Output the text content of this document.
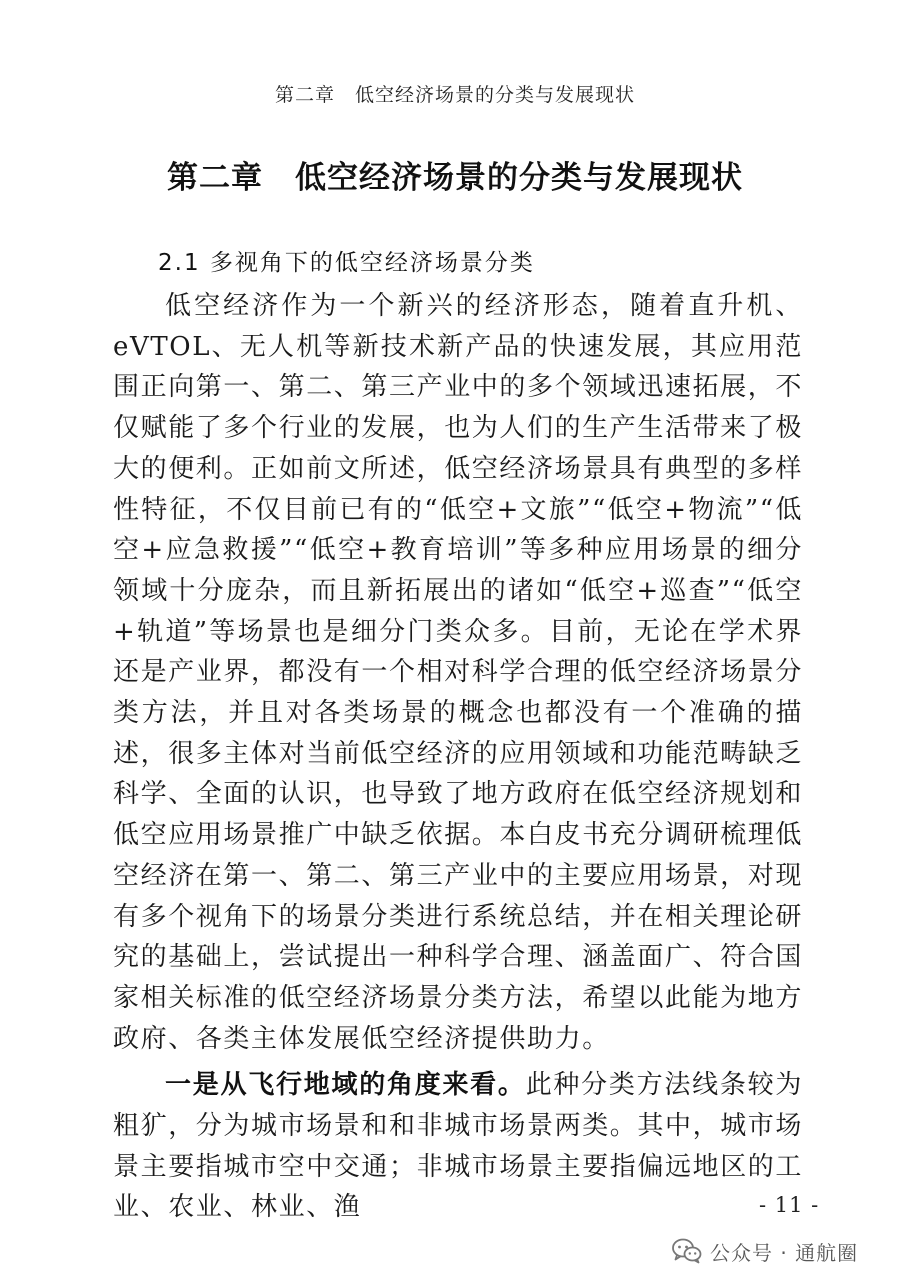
第二章　低空经济场景的分类与发展现状
第二章　低空经济场景的分类与发展现状
2.1 多视角下的低空经济场景分类

低空经济作为一个新兴的经济形态，随着直升机、eVTOL、无人机等新技术新产品的快速发展，其应用范围正向第一、第二、第三产业中的多个领域迅速拓展，不仅赋能了多个行业的发展，也为人们的生产生活带来了极大的便利。正如前文所述，低空经济场景具有典型的多样性特征，不仅目前已有的“低空+文旅”“低空+物流”“低空+应急救援”“低空+教育培训”等多种应用场景的细分领域十分庞杂，而且新拓展出的诸如“低空+巡查”“低空+轨道”等场景也是细分门类众多。目前，无论在学术界还是产业界，都没有一个相对科学合理的低空经济场景分类方法，并且对各类场景的概念也都没有一个准确的描述，很多主体对当前低空经济的应用领域和功能范畴缺乏科学、全面的认识，也导致了地方政府在低空经济规划和低空应用场景推广中缺乏依据。本白皮书充分调研梳理低空经济在第一、第二、第三产业中的主要应用场景，对现有多个视角下的场景分类进行系统总结，并在相关理论研究的基础上，尝试提出一种科学合理、涵盖面广、符合国家相关标准的低空经济场景分类方法，希望以此能为地方政府、各类主体发展低空经济提供助力。

一是从飞行地域的角度来看。此种分类方法线条较为粗犷，分为城市场景和和非城市场景两类。其中，城市场景主要指城市空中交通；非城市场景主要指偏远地区的工业、农业、林业、渔	- 11 -
公众号 · 通航圈
